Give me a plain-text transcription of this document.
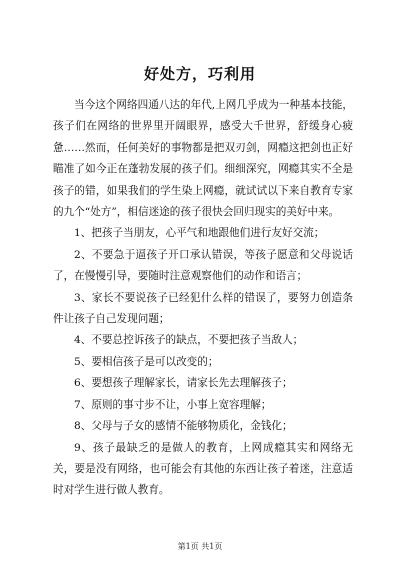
好处方，巧利用

当今这个网络四通八达的年代,上网几乎成为一种基本技能，孩子们在网络的世界里开阔眼界，感受大千世界，舒缓身心疲惫……然而，任何美好的事物都是把双刃剑，网瘾这把剑也正好瞄准了如今正在蓬勃发展的孩子们。细细深究，网瘾其实不全是孩子的错，如果我们的学生染上网瘾，就试试以下来自教育专家的九个“处方”，相信迷途的孩子很快会回归现实的美好中来。

1、把孩子当朋友，心平气和地跟他们进行友好交流；

2、不要急于逼孩子开口承认错误，等孩子愿意和父母说话了，在慢慢引导，要随时注意观察他们的动作和语言；

3、家长不要说孩子已经犯什么样的错误了，要努力创造条件让孩子自己发现问题；

4、不要总控诉孩子的缺点，不要把孩子当敌人；

5、要相信孩子是可以改变的；

6、要想孩子理解家长，请家长先去理解孩子；

7、原则的事寸步不让，小事上宽容理解；

8、父母与子女的感情不能够物质化，金钱化；

9、孩子最缺乏的是做人的教育，上网成瘾其实和网络无关，要是没有网络，也可能会有其他的东西让孩子着迷，注意适时对学生进行做人教育。

第1页 共1页
